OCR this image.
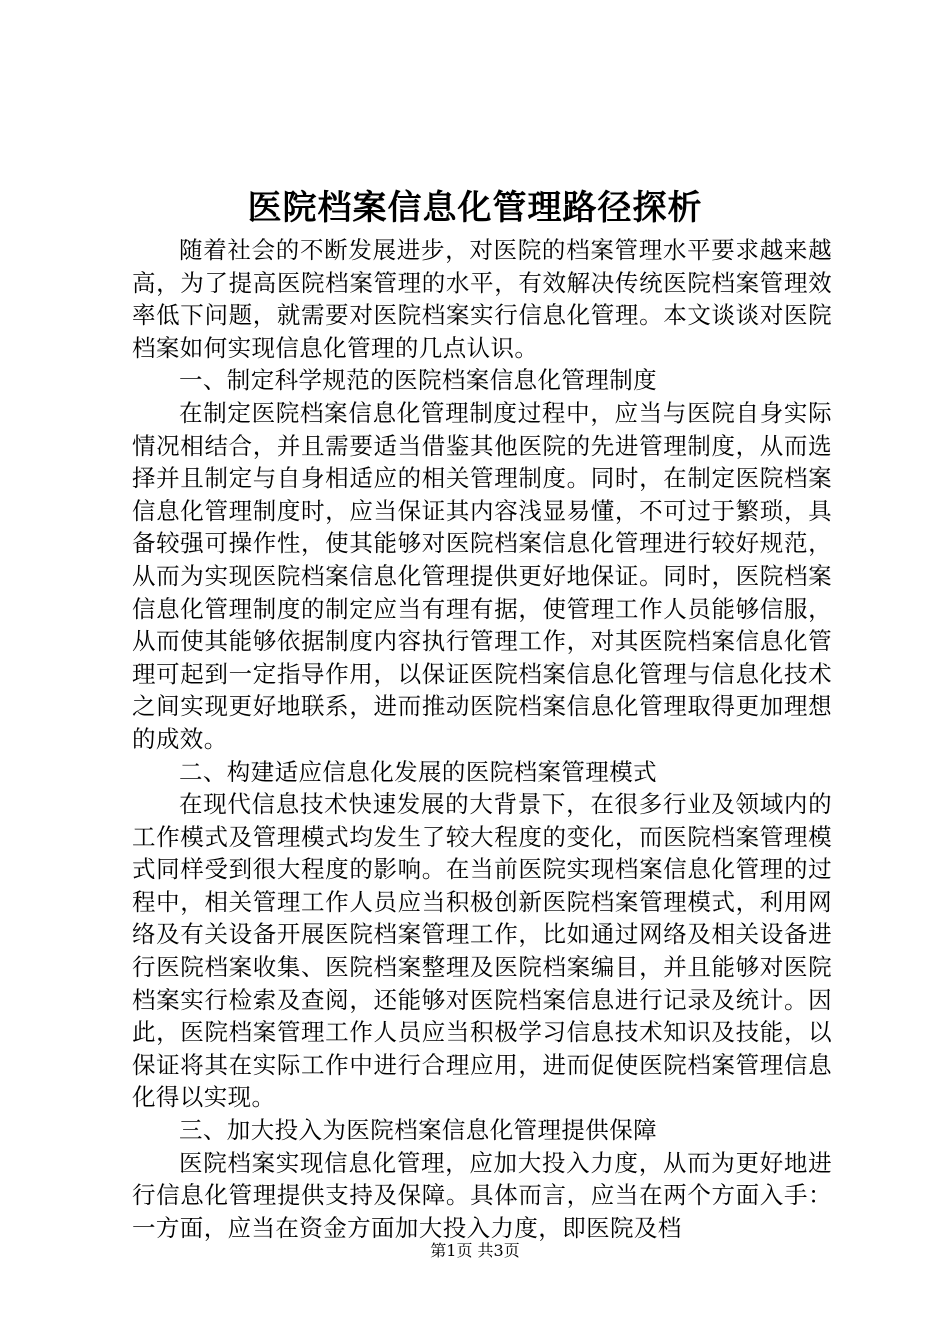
医院档案信息化管理路径探析

随着社会的不断发展进步，对医院的档案管理水平要求越来越高，为了提高医院档案管理的水平，有效解决传统医院档案管理效率低下问题，就需要对医院档案实行信息化管理。本文谈谈对医院档案如何实现信息化管理的几点认识。

一、制定科学规范的医院档案信息化管理制度

在制定医院档案信息化管理制度过程中，应当与医院自身实际情况相结合，并且需要适当借鉴其他医院的先进管理制度，从而选择并且制定与自身相适应的相关管理制度。同时，在制定医院档案信息化管理制度时，应当保证其内容浅显易懂，不可过于繁琐，具备较强可操作性，使其能够对医院档案信息化管理进行较好规范，从而为实现医院档案信息化管理提供更好地保证。同时，医院档案信息化管理制度的制定应当有理有据，使管理工作人员能够信服，从而使其能够依据制度内容执行管理工作，对其医院档案信息化管理可起到一定指导作用，以保证医院档案信息化管理与信息化技术之间实现更好地联系，进而推动医院档案信息化管理取得更加理想的成效。

二、构建适应信息化发展的医院档案管理模式

在现代信息技术快速发展的大背景下，在很多行业及领域内的工作模式及管理模式均发生了较大程度的变化，而医院档案管理模式同样受到很大程度的影响。在当前医院实现档案信息化管理的过程中，相关管理工作人员应当积极创新医院档案管理模式，利用网络及有关设备开展医院档案管理工作，比如通过网络及相关设备进行医院档案收集、医院档案整理及医院档案编目，并且能够对医院档案实行检索及查阅，还能够对医院档案信息进行记录及统计。因此，医院档案管理工作人员应当积极学习信息技术知识及技能，以保证将其在实际工作中进行合理应用，进而促使医院档案管理信息化得以实现。

三、加大投入为医院档案信息化管理提供保障

医院档案实现信息化管理，应加大投入力度，从而为更好地进行信息化管理提供支持及保障。具体而言，应当在两个方面入手：一方面，应当在资金方面加大投入力度，即医院及档

第1页 共3页
